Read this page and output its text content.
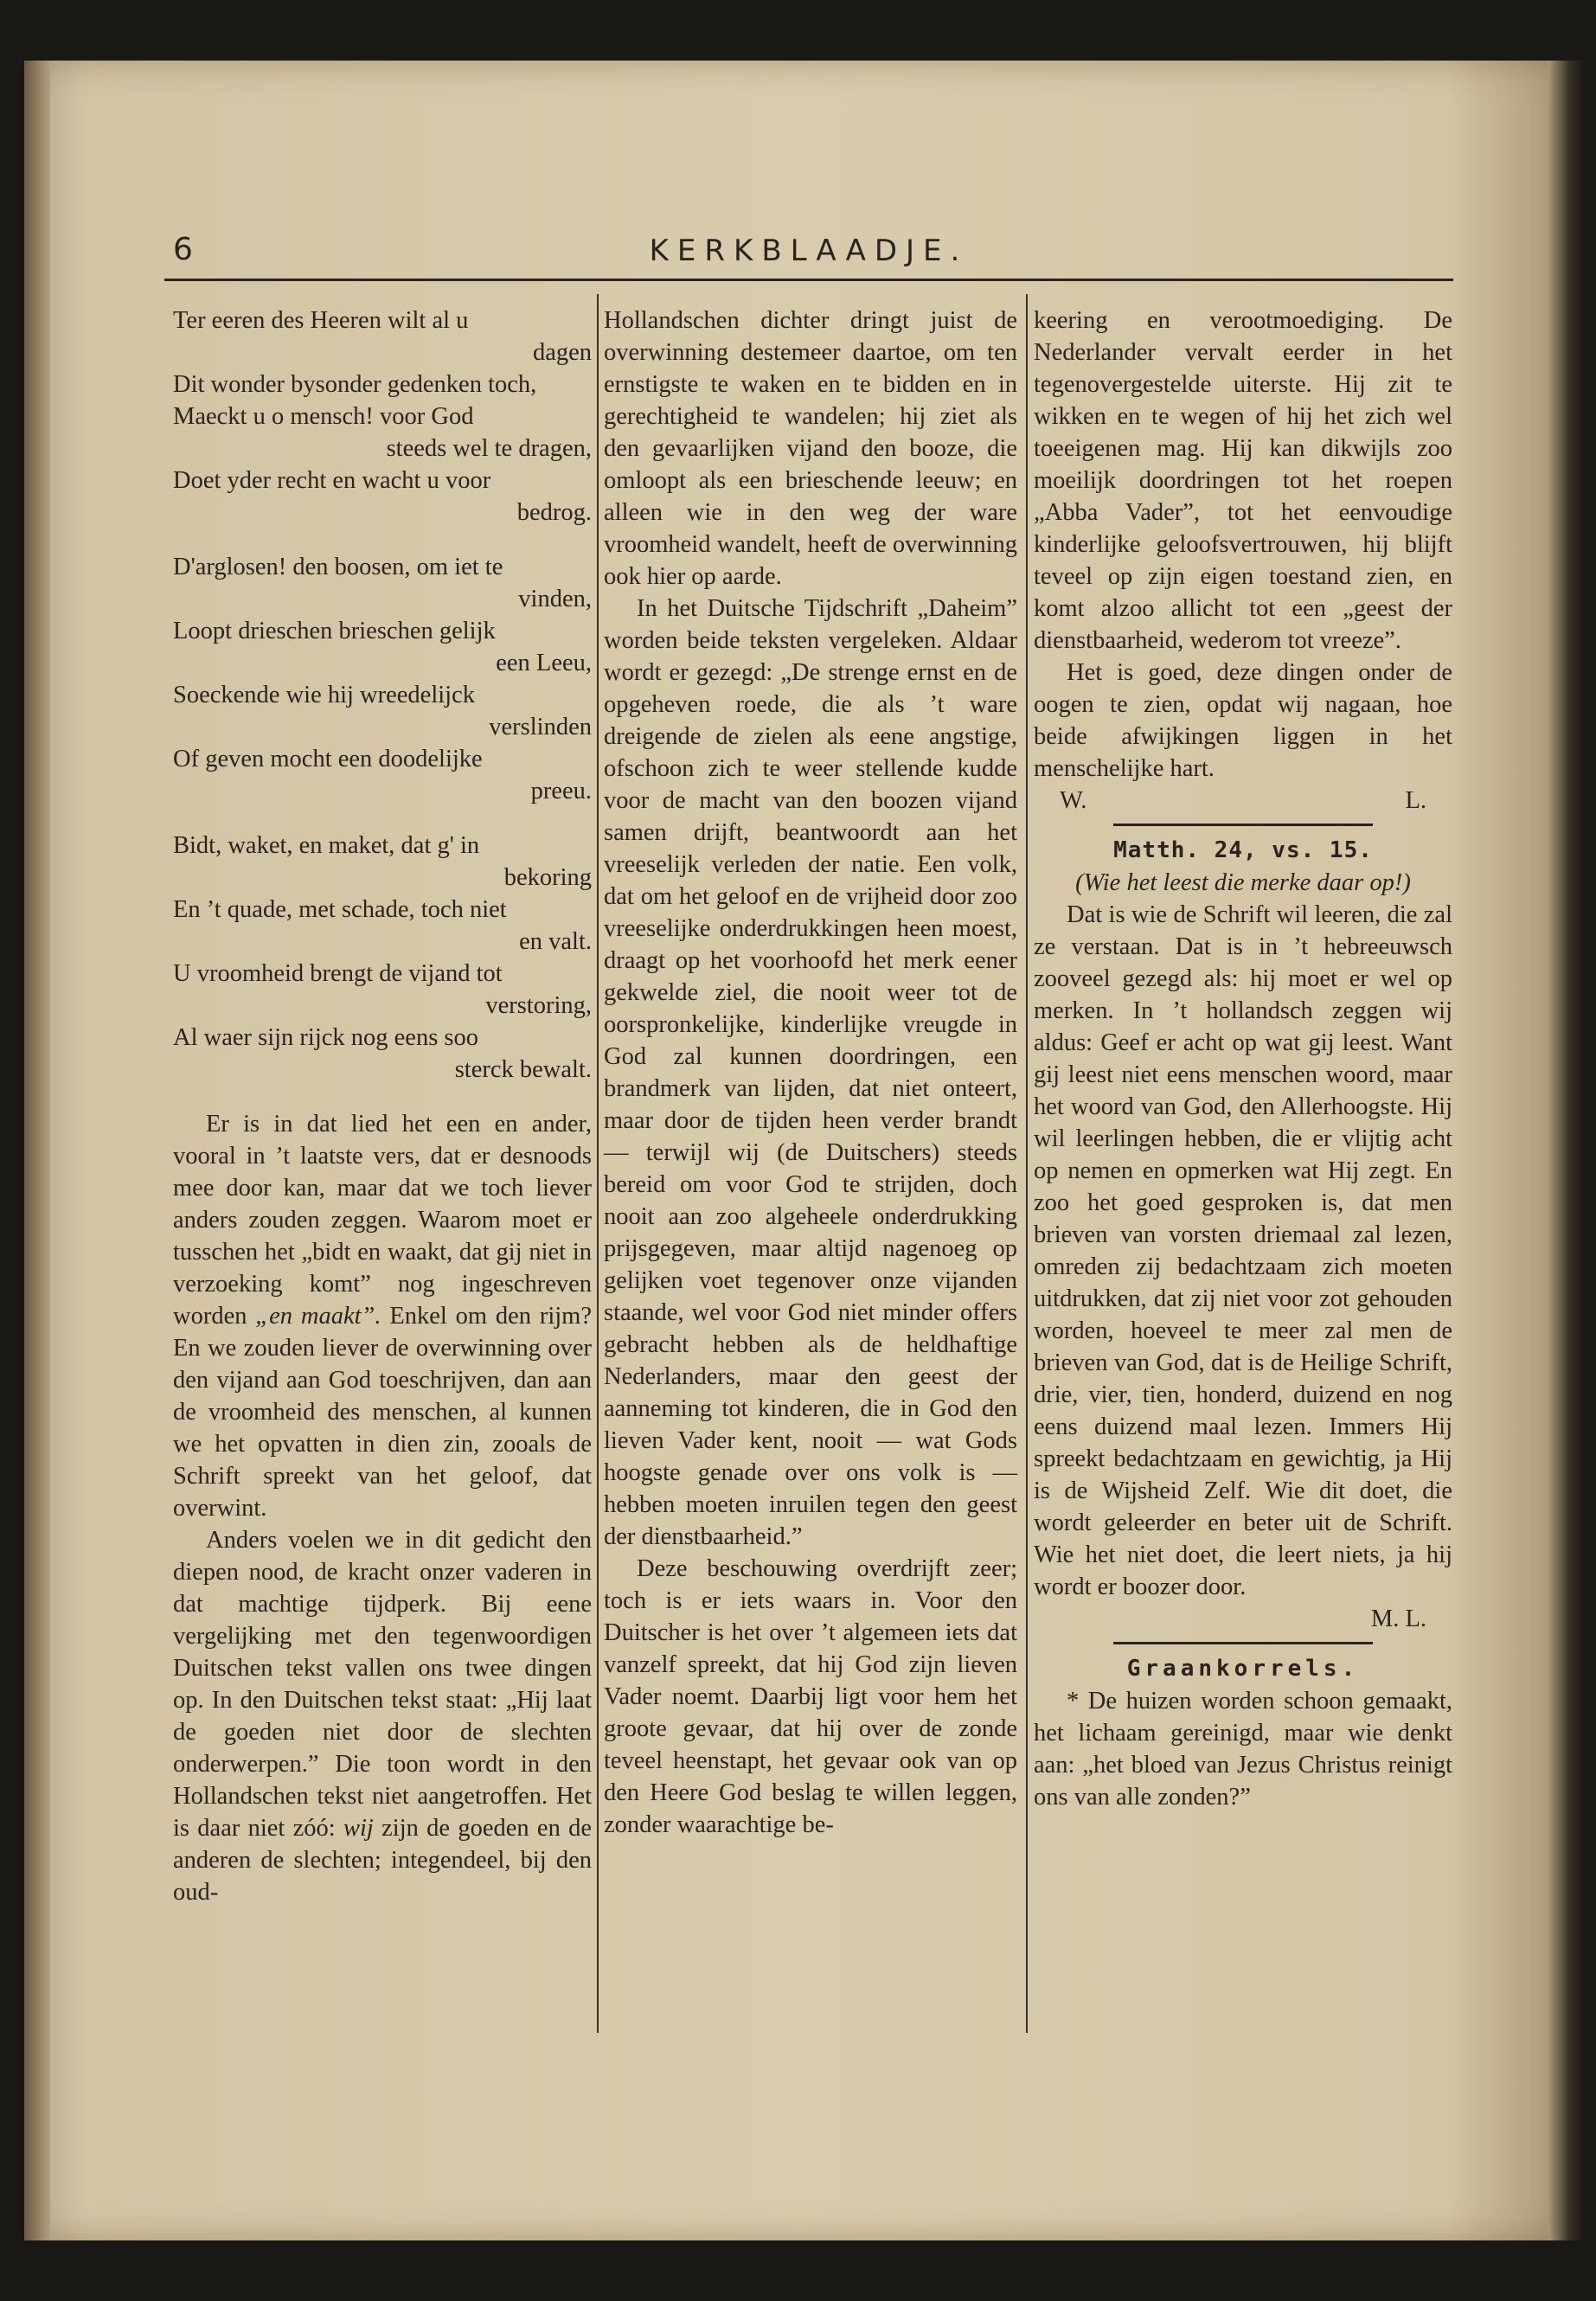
6	KERKBLAADJE.
Ter eeren des Heeren wilt al u
dagen
Dit wonder bysonder gedenken toch,
Maeckt u o mensch! voor God
steeds wel te dragen,
Doet yder recht en wacht u voor
bedrog.
D'arglosen! den boosen, om iet te
vinden,
Loopt drieschen brieschen gelijk
een Leeu,
Soeckende wie hij wreedelijck
verslinden
Of geven mocht een doodelijke
preeu.
Bidt, waket, en maket, dat g' in
bekoring
En ’t quade, met schade, toch niet
en valt.
U vroomheid brengt de vijand tot
verstoring,
Al waer sijn rijck nog eens soo
sterck bewalt.

Er is in dat lied het een en ander, vooral in ’t laatste vers, dat er desnoods mee door kan, maar dat we toch liever anders zouden zeggen. Waarom moet er tusschen het „bidt en waakt, dat gij niet in verzoeking komt” nog ingeschreven worden „en maakt”. Enkel om den rijm? En we zouden liever de overwinning over den vijand aan God toeschrijven, dan aan de vroomheid des menschen, al kunnen we het opvatten in dien zin, zooals de Schrift spreekt van het geloof, dat overwint.

Anders voelen we in dit gedicht den diepen nood, de kracht onzer vaderen in dat machtige tijdperk. Bij eene vergelijking met den tegenwoordigen Duitschen tekst vallen ons twee dingen op. In den Duitschen tekst staat: „Hij laat de goeden niet door de slechten onderwerpen.” Die toon wordt in den Hollandschen tekst niet aangetroffen. Het is daar niet zóó: wij zijn de goeden en de anderen de slechten; integendeel, bij den oud-

Hollandschen dichter dringt juist de overwinning destemeer daartoe, om ten ernstigste te waken en te bidden en in gerechtigheid te wandelen; hij ziet als den gevaarlijken vijand den booze, die omloopt als een brieschende leeuw; en alleen wie in den weg der ware vroomheid wandelt, heeft de overwinning ook hier op aarde.

In het Duitsche Tijdschrift „Daheim” worden beide teksten vergeleken. Aldaar wordt er gezegd: „De strenge ernst en de opgeheven roede, die als ’t ware dreigende de zielen als eene angstige, ofschoon zich te weer stellende kudde voor de macht van den boozen vijand samen drijft, beantwoordt aan het vreeselijk verleden der natie. Een volk, dat om het geloof en de vrijheid door zoo vreeselijke onderdrukkingen heen moest, draagt op het voorhoofd het merk eener gekwelde ziel, die nooit weer tot de oorspronkelijke, kinderlijke vreugde in God zal kunnen doordringen, een brandmerk van lijden, dat niet onteert, maar door de tijden heen verder brandt — terwijl wij (de Duitschers) steeds bereid om voor God te strijden, doch nooit aan zoo algeheele onderdrukking prijsgegeven, maar altijd nagenoeg op gelijken voet tegenover onze vijanden staande, wel voor God niet minder offers gebracht hebben als de heldhaftige Nederlanders, maar den geest der aanneming tot kinderen, die in God den lieven Vader kent, nooit — wat Gods hoogste genade over ons volk is — hebben moeten inruilen tegen den geest der dienstbaarheid.”

Deze beschouwing overdrijft zeer; toch is er iets waars in. Voor den Duitscher is het over ’t algemeen iets dat vanzelf spreekt, dat hij God zijn lieven Vader noemt. Daarbij ligt voor hem het groote gevaar, dat hij over de zonde teveel heenstapt, het gevaar ook van op den Heere God beslag te willen leggen, zonder waarachtige be-

keering en verootmoediging. De Nederlander vervalt eerder in het tegenovergestelde uiterste. Hij zit te wikken en te wegen of hij het zich wel toeeigenen mag. Hij kan dikwijls zoo moeilijk doordringen tot het roepen „Abba Vader”, tot het eenvoudige kinderlijke geloofsvertrouwen, hij blijft teveel op zijn eigen toestand zien, en komt alzoo allicht tot een „geest der dienstbaarheid, wederom tot vreeze”.

Het is goed, deze dingen onder de oogen te zien, opdat wij nagaan, hoe beide afwijkingen liggen in het menschelijke hart.

W.	L.
Matth. 24, vs. 15.
(Wie het leest die merke daar op!)

Dat is wie de Schrift wil leeren, die zal ze verstaan. Dat is in ’t hebreeuwsch zooveel gezegd als: hij moet er wel op merken. In ’t hollandsch zeggen wij aldus: Geef er acht op wat gij leest. Want gij leest niet eens menschen woord, maar het woord van God, den Allerhoogste. Hij wil leerlingen hebben, die er vlijtig acht op nemen en opmerken wat Hij zegt. En zoo het goed gesproken is, dat men brieven van vorsten driemaal zal lezen, omreden zij bedachtzaam zich moeten uitdrukken, dat zij niet voor zot gehouden worden, hoeveel te meer zal men de brieven van God, dat is de Heilige Schrift, drie, vier, tien, honderd, duizend en nog eens duizend maal lezen. Immers Hij spreekt bedachtzaam en gewichtig, ja Hij is de Wijsheid Zelf. Wie dit doet, die wordt geleerder en beter uit de Schrift. Wie het niet doet, die leert niets, ja hij wordt er boozer door.

M. L.
Graankorrels.

* De huizen worden schoon gemaakt, het lichaam gereinigd, maar wie denkt aan: „het bloed van Jezus Christus reinigt ons van alle zonden?”
